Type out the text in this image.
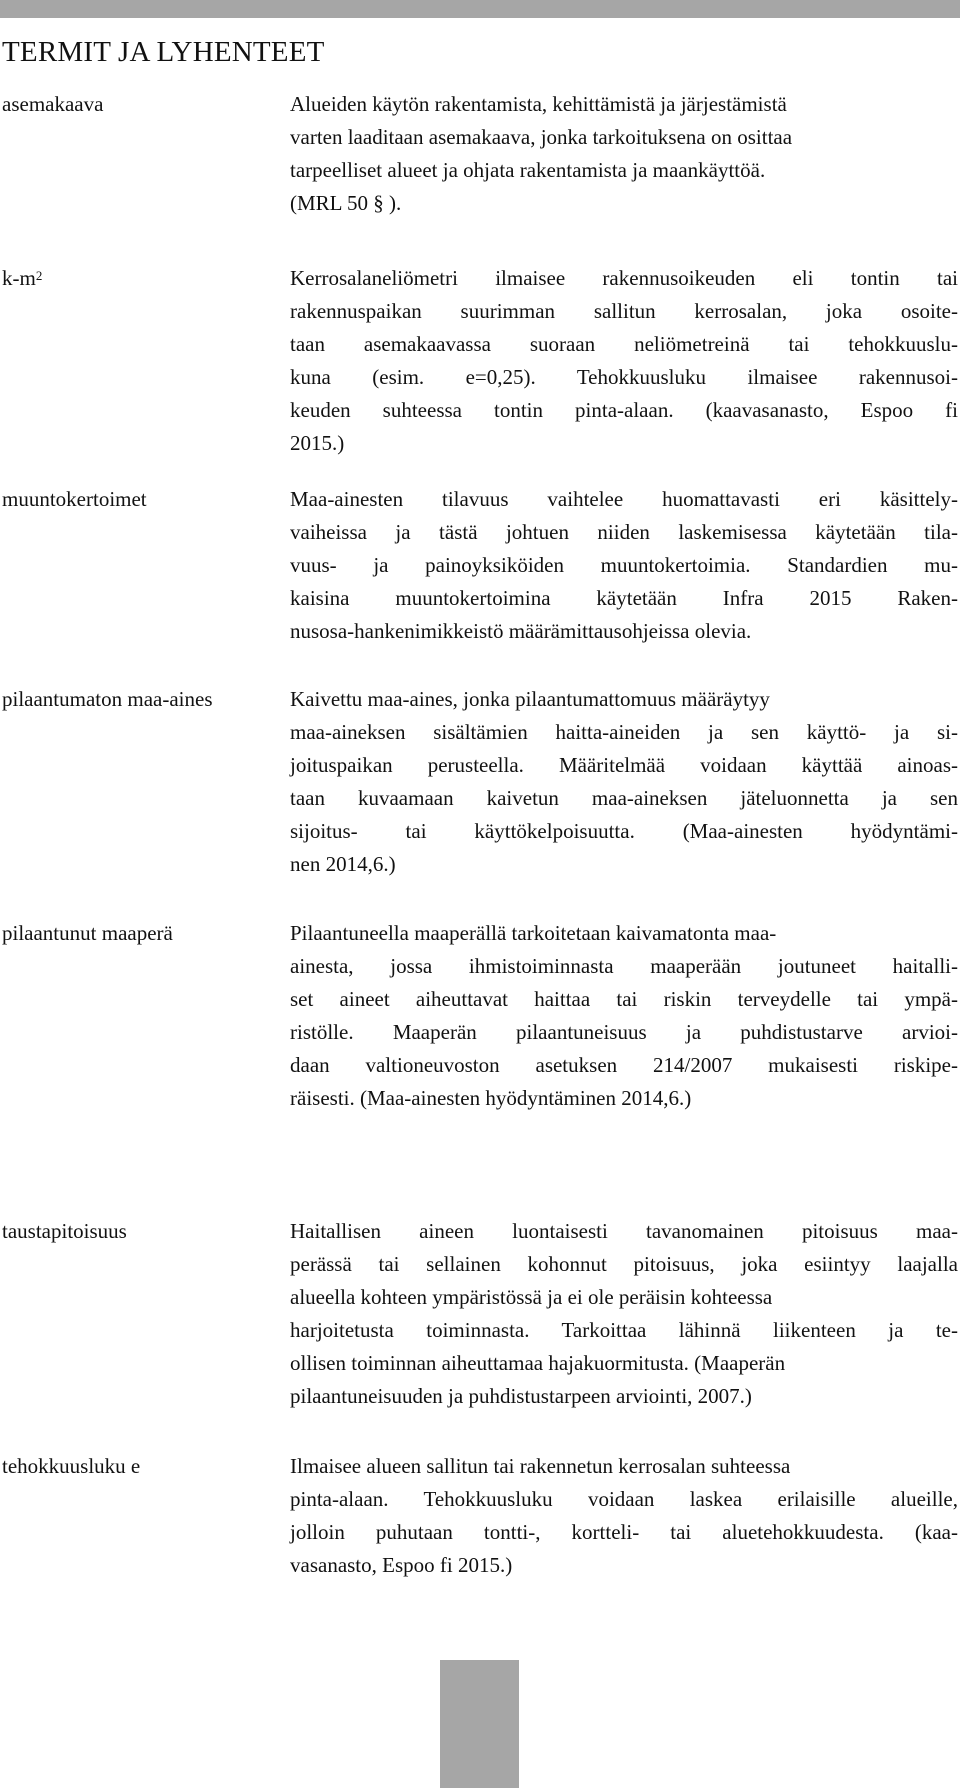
TERMIT JA LYHENTEET
asemakaava	Alueiden käytön rakentamista, kehittämistä ja järjestämistä
varten laaditaan asemakaava, jonka tarkoituksena on osittaa
tarpeelliset alueet ja ohjata rakentamista ja maankäyttöä.
(MRL 50 § ).
$k-m^2$	Kerrosalaneliömetri ilmaisee rakennusoikeuden eli tontin tai
rakennuspaikan suurimman sallitun kerrosalan, joka osoite-
taan asemakaavassa suoraan neliömetreinä tai tehokkuuslu-
kuna (esim. e=0,25). Tehokkuusluku ilmaisee rakennusoi-
keuden suhteessa tontin pinta-alaan. (kaavasanasto, Espoo fi
2015.)
muuntokertoimet	Maa-ainesten tilavuus vaihtelee huomattavasti eri käsittely-
vaiheissa ja tästä johtuen niiden laskemisessa käytetään tila-
vuus- ja painoyksiköiden muuntokertoimia. Standardien mu-
kaisina muuntokertoimina käytetään Infra 2015 Raken-
nusosa-hankenimikkeistö määrämittausohjeissa olevia.
pilaantumaton maa-aines	Kaivettu maa-aines, jonka pilaantumattomuus määräytyy
maa-aineksen sisältämien haitta-aineiden ja sen käyttö- ja si-
joituspaikan perusteella. Määritelmää voidaan käyttää ainoas-
taan kuvaamaan kaivetun maa-aineksen jäteluonnetta ja sen
sijoitus- tai käyttökelpoisuutta. (Maa-ainesten hyödyntämi-
nen 2014,6.)
pilaantunut maaperä	Pilaantuneella maaperällä tarkoitetaan kaivamatonta maa-
ainesta, jossa ihmistoiminnasta maaperään joutuneet haitalli-
set aineet aiheuttavat haittaa tai riskin terveydelle tai ympä-
ristölle. Maaperän pilaantuneisuus ja puhdistustarve arvioi-
daan valtioneuvoston asetuksen 214/2007 mukaisesti riskipe-
räisesti. (Maa-ainesten hyödyntäminen 2014,6.)
taustapitoisuus	Haitallisen aineen luontaisesti tavanomainen pitoisuus maa-
perässä tai sellainen kohonnut pitoisuus, joka esiintyy laajalla
alueella kohteen ympäristössä ja ei ole peräisin kohteessa
harjoitetusta toiminnasta. Tarkoittaa lähinnä liikenteen ja te-
ollisen toiminnan aiheuttamaa hajakuormitusta. (Maaperän
pilaantuneisuuden ja puhdistustarpeen arviointi, 2007.)
tehokkuusluku e	Ilmaisee alueen sallitun tai rakennetun kerrosalan suhteessa
pinta-alaan. Tehokkuusluku voidaan laskea erilaisille alueille,
jolloin puhutaan tontti-, kortteli- tai aluetehokkuudesta. (kaa-
vasanasto, Espoo fi 2015.)
